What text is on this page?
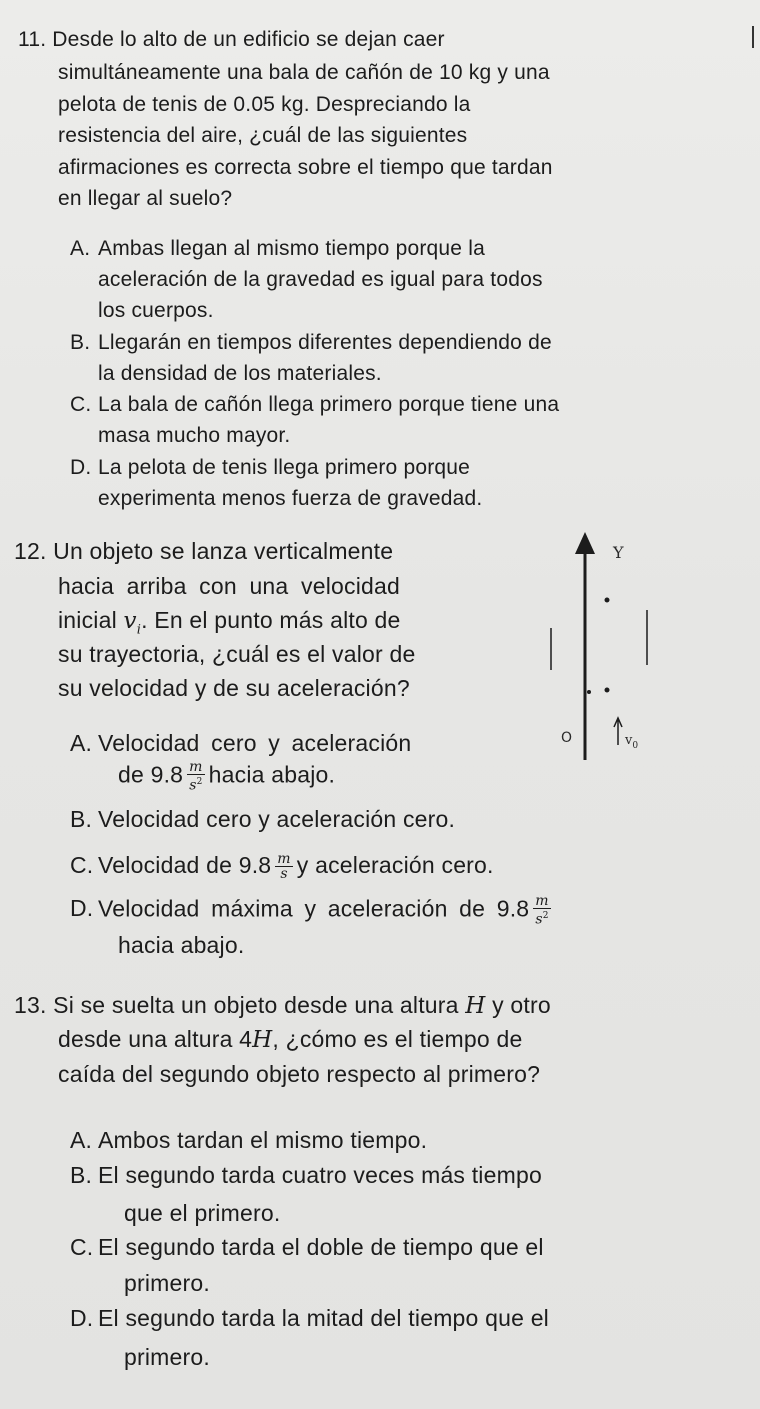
11. Desde lo alto de un edificio se dejan caer
simultáneamente una bala de cañón de 10 kg y una
pelota de tenis de 0.05 kg. Despreciando la
resistencia del aire, ¿cuál de las siguientes
afirmaciones es correcta sobre el tiempo que tardan
en llegar al suelo?
A. Ambas llegan al mismo tiempo porque la
aceleración de la gravedad es igual para todos
los cuerpos.
B. Llegarán en tiempos diferentes dependiendo de
la densidad de los materiales.
C. La bala de cañón llega primero porque tiene una
masa mucho mayor.
D. La pelota de tenis llega primero porque
experimenta menos fuerza de gravedad.
12. Un objeto se lanza verticalmente
hacia arriba con una velocidad
inicial $v_i$. En el punto más alto de
su trayectoria, ¿cuál es el valor de
su velocidad y de su aceleración?
A. Velocidad cero y aceleración
de $9.8 \frac{m}{s^2}$ hacia abajo.
B. Velocidad cero y aceleración cero.
C. Velocidad de $9.8 \frac{m}{s}$ y aceleración cero.
D. Velocidad máxima y aceleración de $9.8 \frac{m}{s^2}$
hacia abajo.
Y
$v_0$
O
13. Si se suelta un objeto desde una altura H y otro
desde una altura 4H, ¿cómo es el tiempo de
caída del segundo objeto respecto al primero?
A. Ambos tardan el mismo tiempo.
B. El segundo tarda cuatro veces más tiempo
que el primero.
C. El segundo tarda el doble de tiempo que el
primero.
D. El segundo tarda la mitad del tiempo que el
primero.
